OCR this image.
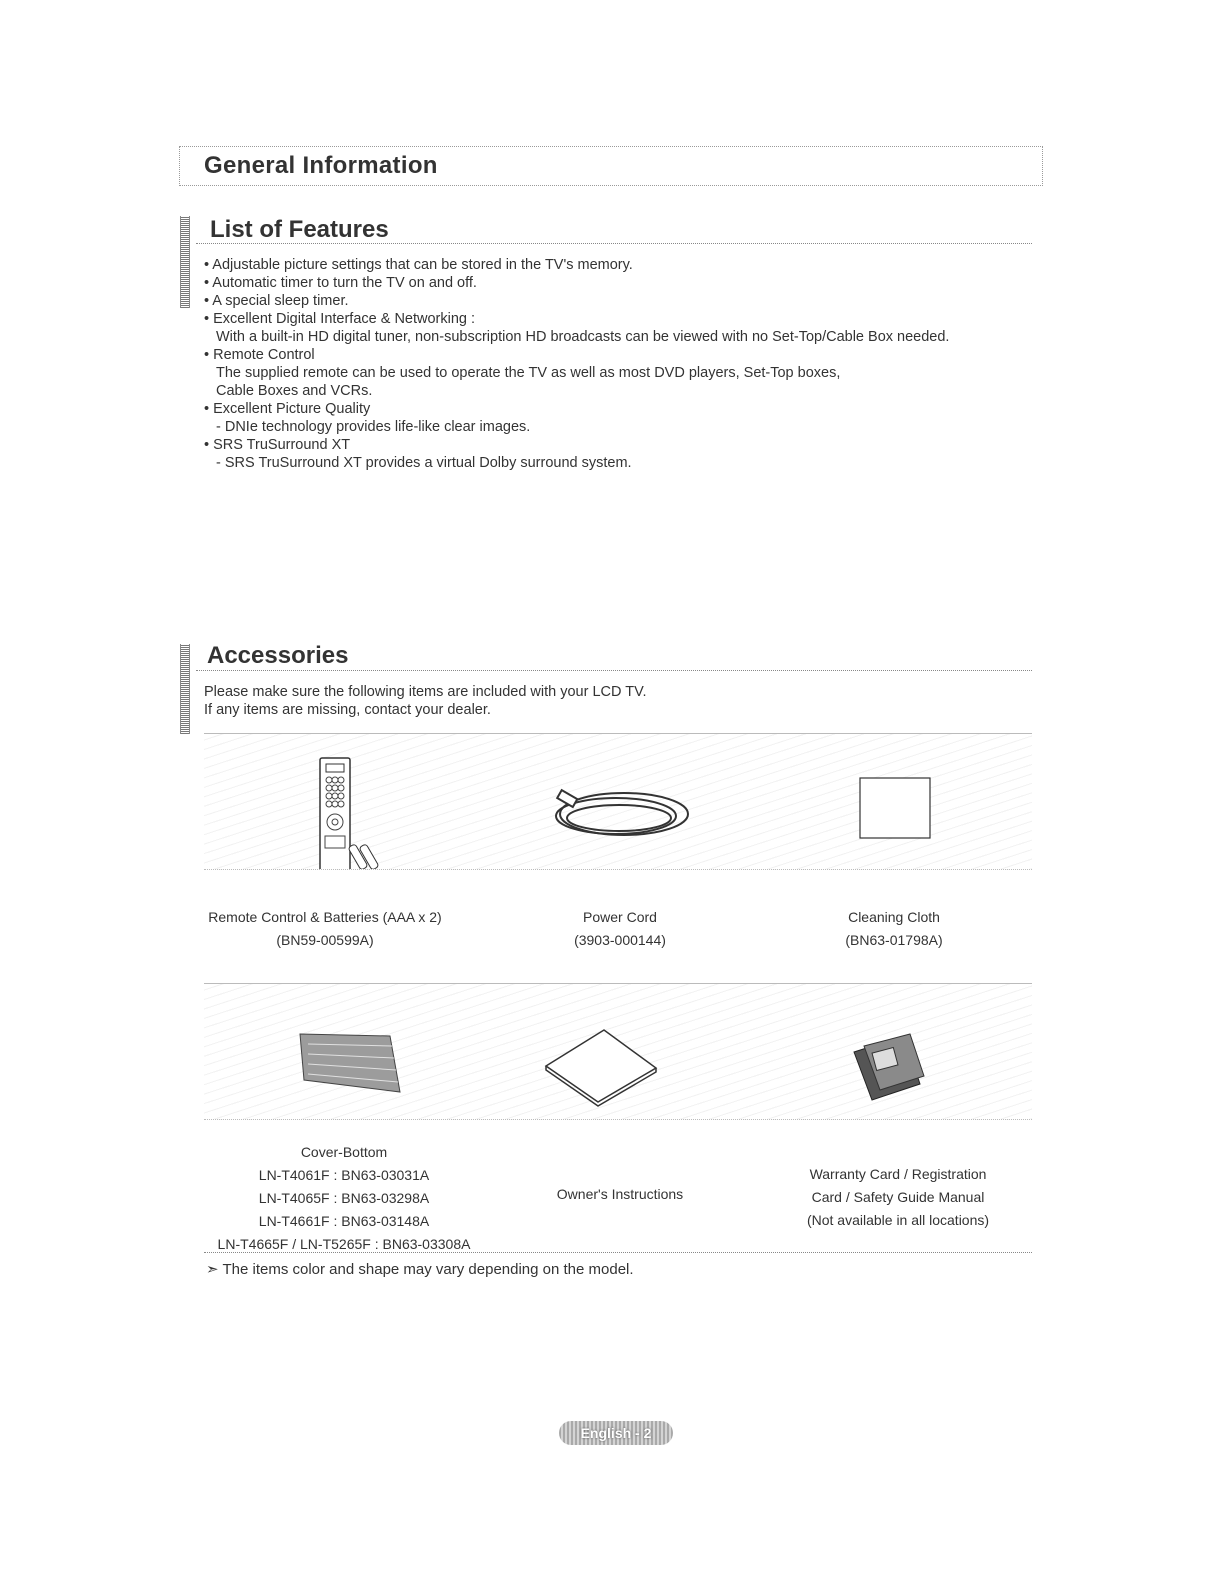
General Information
List of Features
• Adjustable picture settings that can be stored in the TV's memory.
• Automatic timer to turn the TV on and off.
• A special sleep timer.
• Excellent Digital Interface & Networking :
With a built-in HD digital tuner, non-subscription HD broadcasts can be viewed with no Set-Top/Cable Box needed.
• Remote Control
The supplied remote can be used to operate the TV as well as most DVD players, Set-Top boxes,
Cable Boxes and VCRs.
• Excellent Picture Quality
- DNIe technology provides life-like clear images.
• SRS TruSurround XT
- SRS TruSurround XT provides a virtual Dolby surround system.
Accessories
Please make sure the following items are included with your LCD TV.
If any items are missing, contact your dealer.
Remote Control & Batteries (AAA x 2)
(BN59-00599A)
Power Cord
(3903-000144)
Cleaning Cloth
(BN63-01798A)
Cover-Bottom
LN-T4061F : BN63-03031A
LN-T4065F : BN63-03298A
LN-T4661F : BN63-03148A
LN-T4665F / LN-T5265F : BN63-03308A
Owner's Instructions
Warranty Card / Registration
Card / Safety Guide Manual
(Not available in all locations)
➣ The items color and shape may vary depending on the model.
English - 2
